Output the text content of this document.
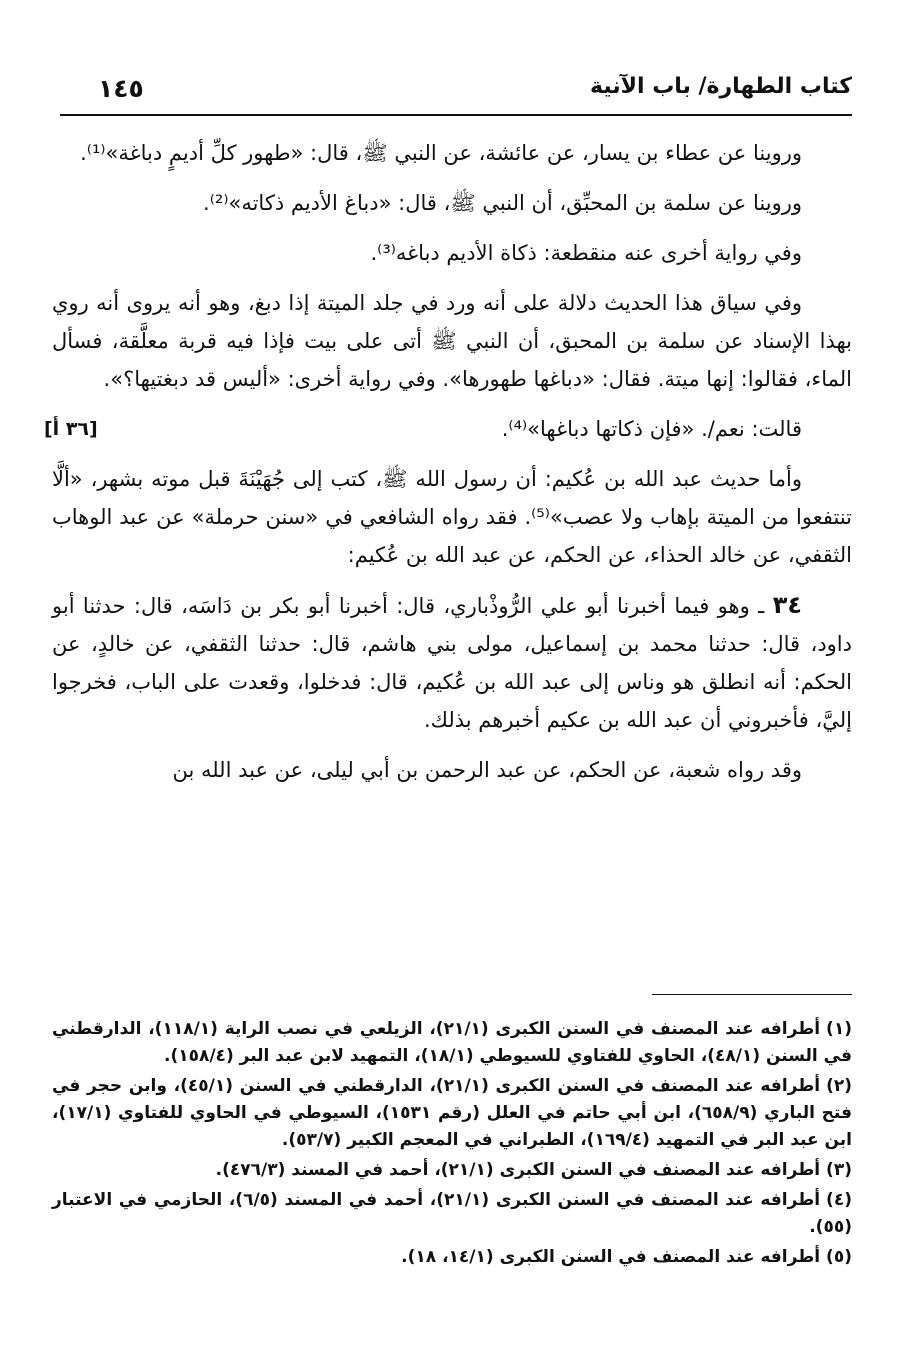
كتاب الطهارة/ باب الآنية
١٤٥

وروينا عن عطاء بن يسار، عن عائشة، عن النبي ﷺ، قال: «طهور كلِّ أديمٍ دباغة»⁽¹⁾.

وروينا عن سلمة بن المحبِّق، أن النبي ﷺ، قال: «دباغ الأديم ذكاته»⁽²⁾.

وفي رواية أخرى عنه منقطعة: ذكاة الأديم دباغه⁽³⁾.

وفي سياق هذا الحديث دلالة على أنه ورد في جلد الميتة إذا دبغ، وهو أنه يروى أنه روي بهذا الإسناد عن سلمة بن المحبق، أن النبي ﷺ أتى على بيت فإذا فيه قربة معلَّقة، فسأل الماء، فقالوا: إنها ميتة. فقال: «دباغها طهورها». وفي رواية أخرى: «أليس قد دبغتيها؟».

قالت: نعم/. «فإن ذكاتها دباغها»⁽⁴⁾.

[٣٦ أ]

وأما حديث عبد الله بن عُكيم: أن رسول الله ﷺ، كتب إلى جُهَيْنَةَ قبل موته بشهر، «ألَّا تنتفعوا من الميتة بإهاب ولا عصب»⁽⁵⁾. فقد رواه الشافعي في «سنن حرملة» عن عبد الوهاب الثقفي، عن خالد الحذاء، عن الحكم، عن عبد الله بن عُكيم:

٣٤ ـ وهو فيما أخبرنا أبو علي الرُّوذْباري، قال: أخبرنا أبو بكر بن دَاسَه، قال: حدثنا أبو داود، قال: حدثنا محمد بن إسماعيل، مولى بني هاشم، قال: حدثنا الثقفي، عن خالدٍ، عن الحكم: أنه انطلق هو وناس إلى عبد الله بن عُكيم، قال: فدخلوا، وقعدت على الباب، فخرجوا إليَّ، فأخبروني أن عبد الله بن عكيم أخبرهم بذلك.

وقد رواه شعبة، عن الحكم، عن عبد الرحمن بن أبي ليلى، عن عبد الله بن

(١)أطرافه عند المصنف في السنن الكبرى (٢١/١)، الزيلعي في نصب الراية (١١٨/١)، الدارقطني في السنن (٤٨/١)، الحاوي للفتاوي للسيوطي (١٨/١)، التمهيد لابن عبد البر (١٥٨/٤).

(٢)أطرافه عند المصنف في السنن الكبرى (٢١/١)، الدارقطني في السنن (٤٥/١)، وابن حجر في فتح الباري (٦٥٨/٩)، ابن أبي حاتم في العلل (رقم ١٥٣١)، السيوطي في الحاوي للفتاوي (١٧/١)، ابن عبد البر في التمهيد (١٦٩/٤)، الطبراني في المعجم الكبير (٥٣/٧).

(٣)أطرافه عند المصنف في السنن الكبرى (٢١/١)، أحمد في المسند (٤٧٦/٣).

(٤)أطرافه عند المصنف في السنن الكبرى (٢١/١)، أحمد في المسند (٦/٥)، الحازمي في الاعتبار (٥٥).

(٥)أطرافه عند المصنف في السنن الكبرى (١٤/١، ١٨).
